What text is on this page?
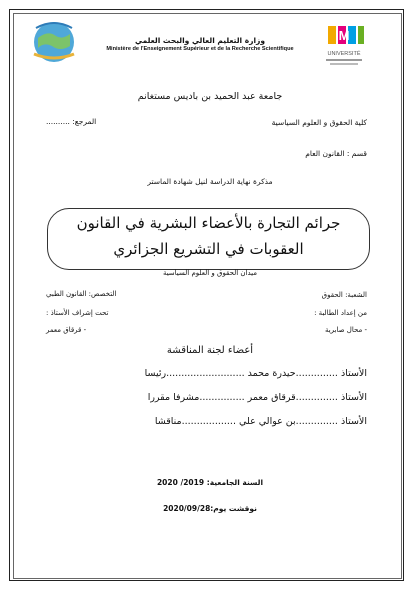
M
UNIVERSITÉ
وزارة التعليم العالي والبحث العلمي
Ministère de l'Enseignement Supérieur et de la Recherche Scientifique
جامعة عبد الحميد بن باديس مستغانم
كلية الحقوق و العلوم السياسية
المرجع: ..........
قسم : القانون العام
مذكرة نهاية الدراسة لنيل شهادة الماستر
جرائم التجارة بالأعضاء البشرية في القانون
العقوبات في التشريع الجزائري
ميدان الحقوق و العلوم السياسية
الشعبة: الحقوق
التخصص: القانون الطبي
من إعداد الطالبة :
تحت إشراف الأستاذ :
- محال صابرية
- قرقاق معمر
أعضاء لجنة المناقشة
الأستاذ ..............حيدرة محمد ..........................رئيسا
الأستاذ ..............قرقاق معمر ...............مشرفا مقررا
الأستاذ ..............بن عوالي علي ..................مناقشا
السنة الجامعية: 2019/ 2020
نوقشت يوم:2020/09/28
